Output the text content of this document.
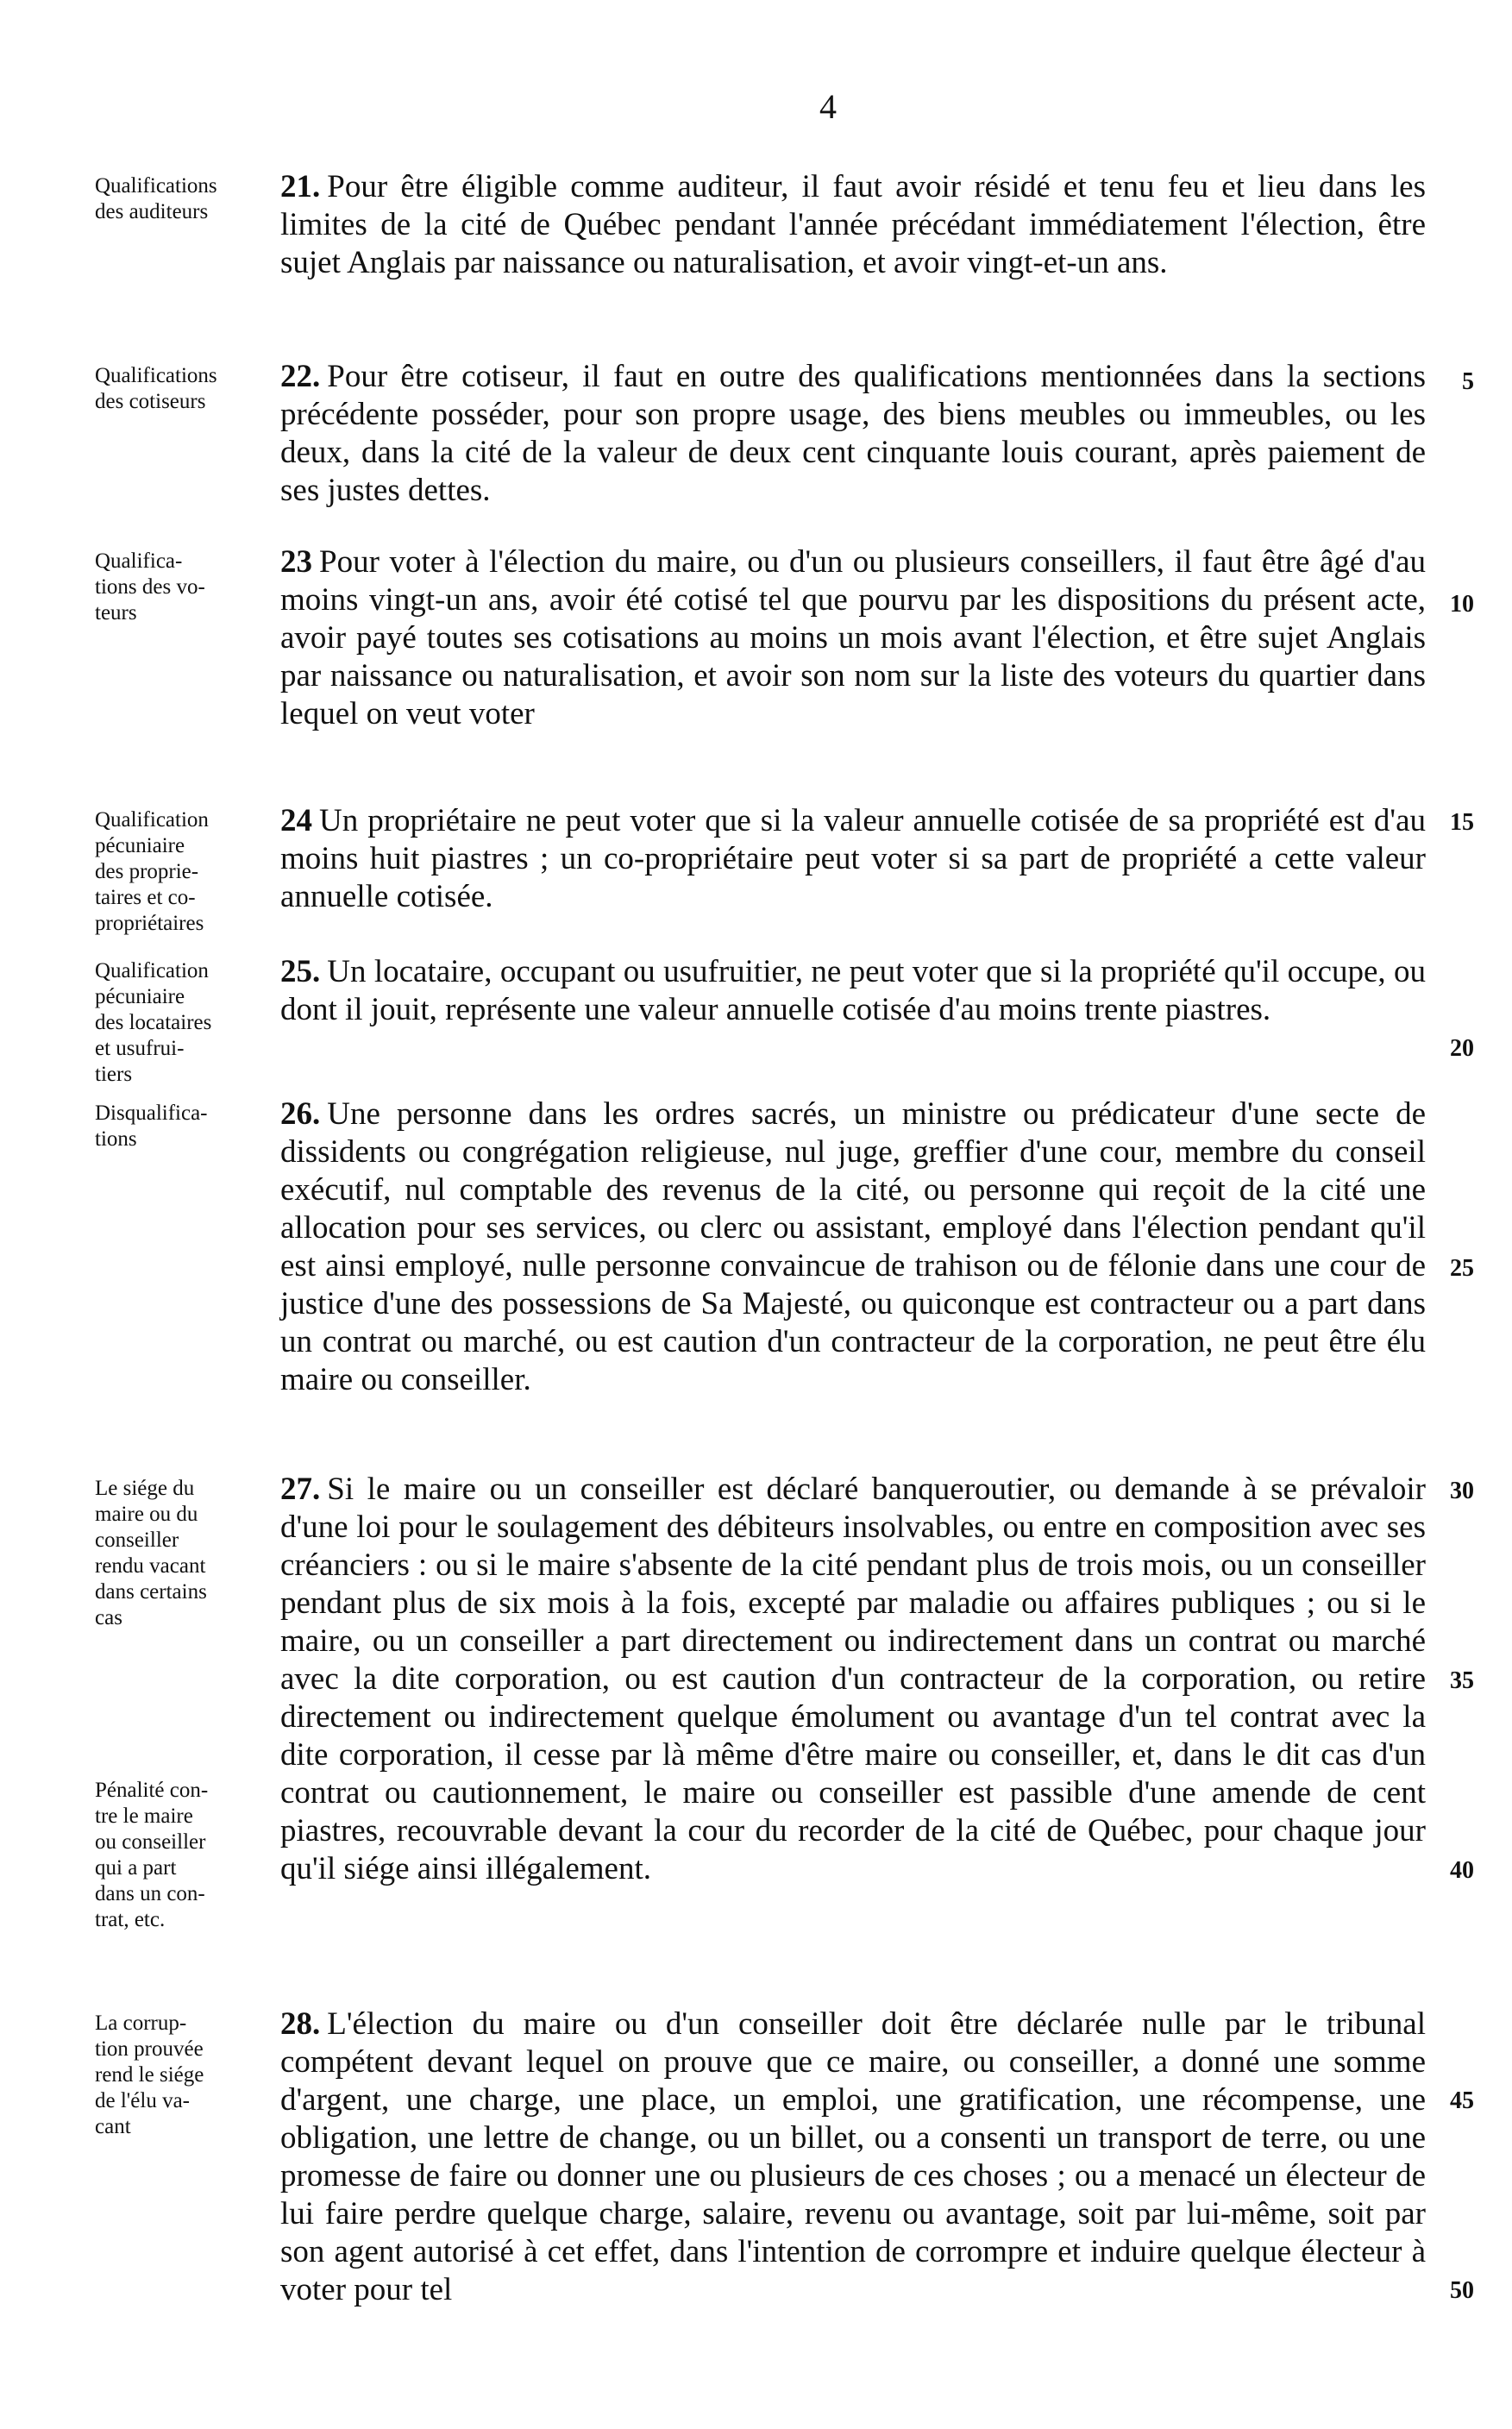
4
Qualifications
des auditeurs
21. Pour être éligible comme auditeur, il faut avoir résidé et tenu feu et lieu dans les limites de la cité de Québec pendant l'année précédant immédiatement l'élection, être sujet Anglais par naissance ou naturalisation, et avoir vingt-et-un ans.
Qualifications
des cotiseurs
22. Pour être cotiseur, il faut en outre des qualifications mentionnées dans la sections précédente posséder, pour son propre usage, des biens meubles ou immeubles, ou les deux, dans la cité de la valeur de deux cent cinquante louis courant, après paiement de ses justes dettes.
5
Qualifica-
tions des vo-
teurs
23 Pour voter à l'élection du maire, ou d'un ou plusieurs conseillers, il faut être âgé d'au moins vingt-un ans, avoir été cotisé tel que pourvu par les dispositions du présent acte, avoir payé toutes ses cotisations au moins un mois avant l'élection, et être sujet Anglais par naissance ou naturalisation, et avoir son nom sur la liste des voteurs du quartier dans lequel on veut voter
10
Qualification
pécuniaire
des proprie-
taires et co-
propriétaires
24 Un propriétaire ne peut voter que si la valeur annuelle cotisée de sa propriété est d'au moins huit piastres ; un co-propriétaire peut voter si sa part de propriété a cette valeur annuelle cotisée.
15
Qualification
pécuniaire
des locataires
et usufrui-
tiers
25. Un locataire, occupant ou usufruitier, ne peut voter que si la propriété qu'il occupe, ou dont il jouit, représente une valeur annuelle cotisée d'au moins trente piastres.
20
Disqualifica-
tions
26. Une personne dans les ordres sacrés, un ministre ou prédicateur d'une secte de dissidents ou congrégation religieuse, nul juge, greffier d'une cour, membre du conseil exécutif, nul comptable des revenus de la cité, ou personne qui reçoit de la cité une allocation pour ses services, ou clerc ou assistant, employé dans l'élection pendant qu'il est ainsi employé, nulle personne convaincue de trahison ou de félonie dans une cour de justice d'une des possessions de Sa Majesté, ou quiconque est contracteur ou a part dans un contrat ou marché, ou est caution d'un contracteur de la corporation, ne peut être élu maire ou conseiller.
25
Le siége du
maire ou du
conseiller
rendu vacant
dans certains
cas
27. Si le maire ou un conseiller est déclaré banqueroutier, ou demande à se prévaloir d'une loi pour le soulagement des débiteurs insolvables, ou entre en composition avec ses créanciers : ou si le maire s'absente de la cité pendant plus de trois mois, ou un conseiller pendant plus de six mois à la fois, excepté par maladie ou affaires publiques ; ou si le maire, ou un conseiller a part directement ou indirectement dans un contrat ou marché avec la dite corporation, ou est caution d'un contracteur de la corporation, ou retire directement ou indirectement quelque émolument ou avantage d'un tel contrat avec la dite corporation, il cesse par là même d'être maire ou conseiller, et, dans le dit cas d'un contrat ou cautionnement, le maire ou conseiller est passible d'une amende de cent piastres, recouvrable devant la cour du recorder de la cité de Québec, pour chaque jour qu'il siége ainsi illégalement.
30
35
40
Pénalité con-
tre le maire
ou conseiller
qui a part
dans un con-
trat, etc.
La corrup-
tion prouvée
rend le siége
de l'élu va-
cant
28. L'élection du maire ou d'un conseiller doit être déclarée nulle par le tribunal compétent devant lequel on prouve que ce maire, ou conseiller, a donné une somme d'argent, une charge, une place, un emploi, une gratification, une récompense, une obligation, une lettre de change, ou un billet, ou a consenti un transport de terre, ou une promesse de faire ou donner une ou plusieurs de ces choses ; ou a menacé un électeur de lui faire perdre quelque charge, salaire, revenu ou avantage, soit par lui-même, soit par son agent autorisé à cet effet, dans l'intention de corrompre et induire quelque électeur à voter pour tel
45
50
